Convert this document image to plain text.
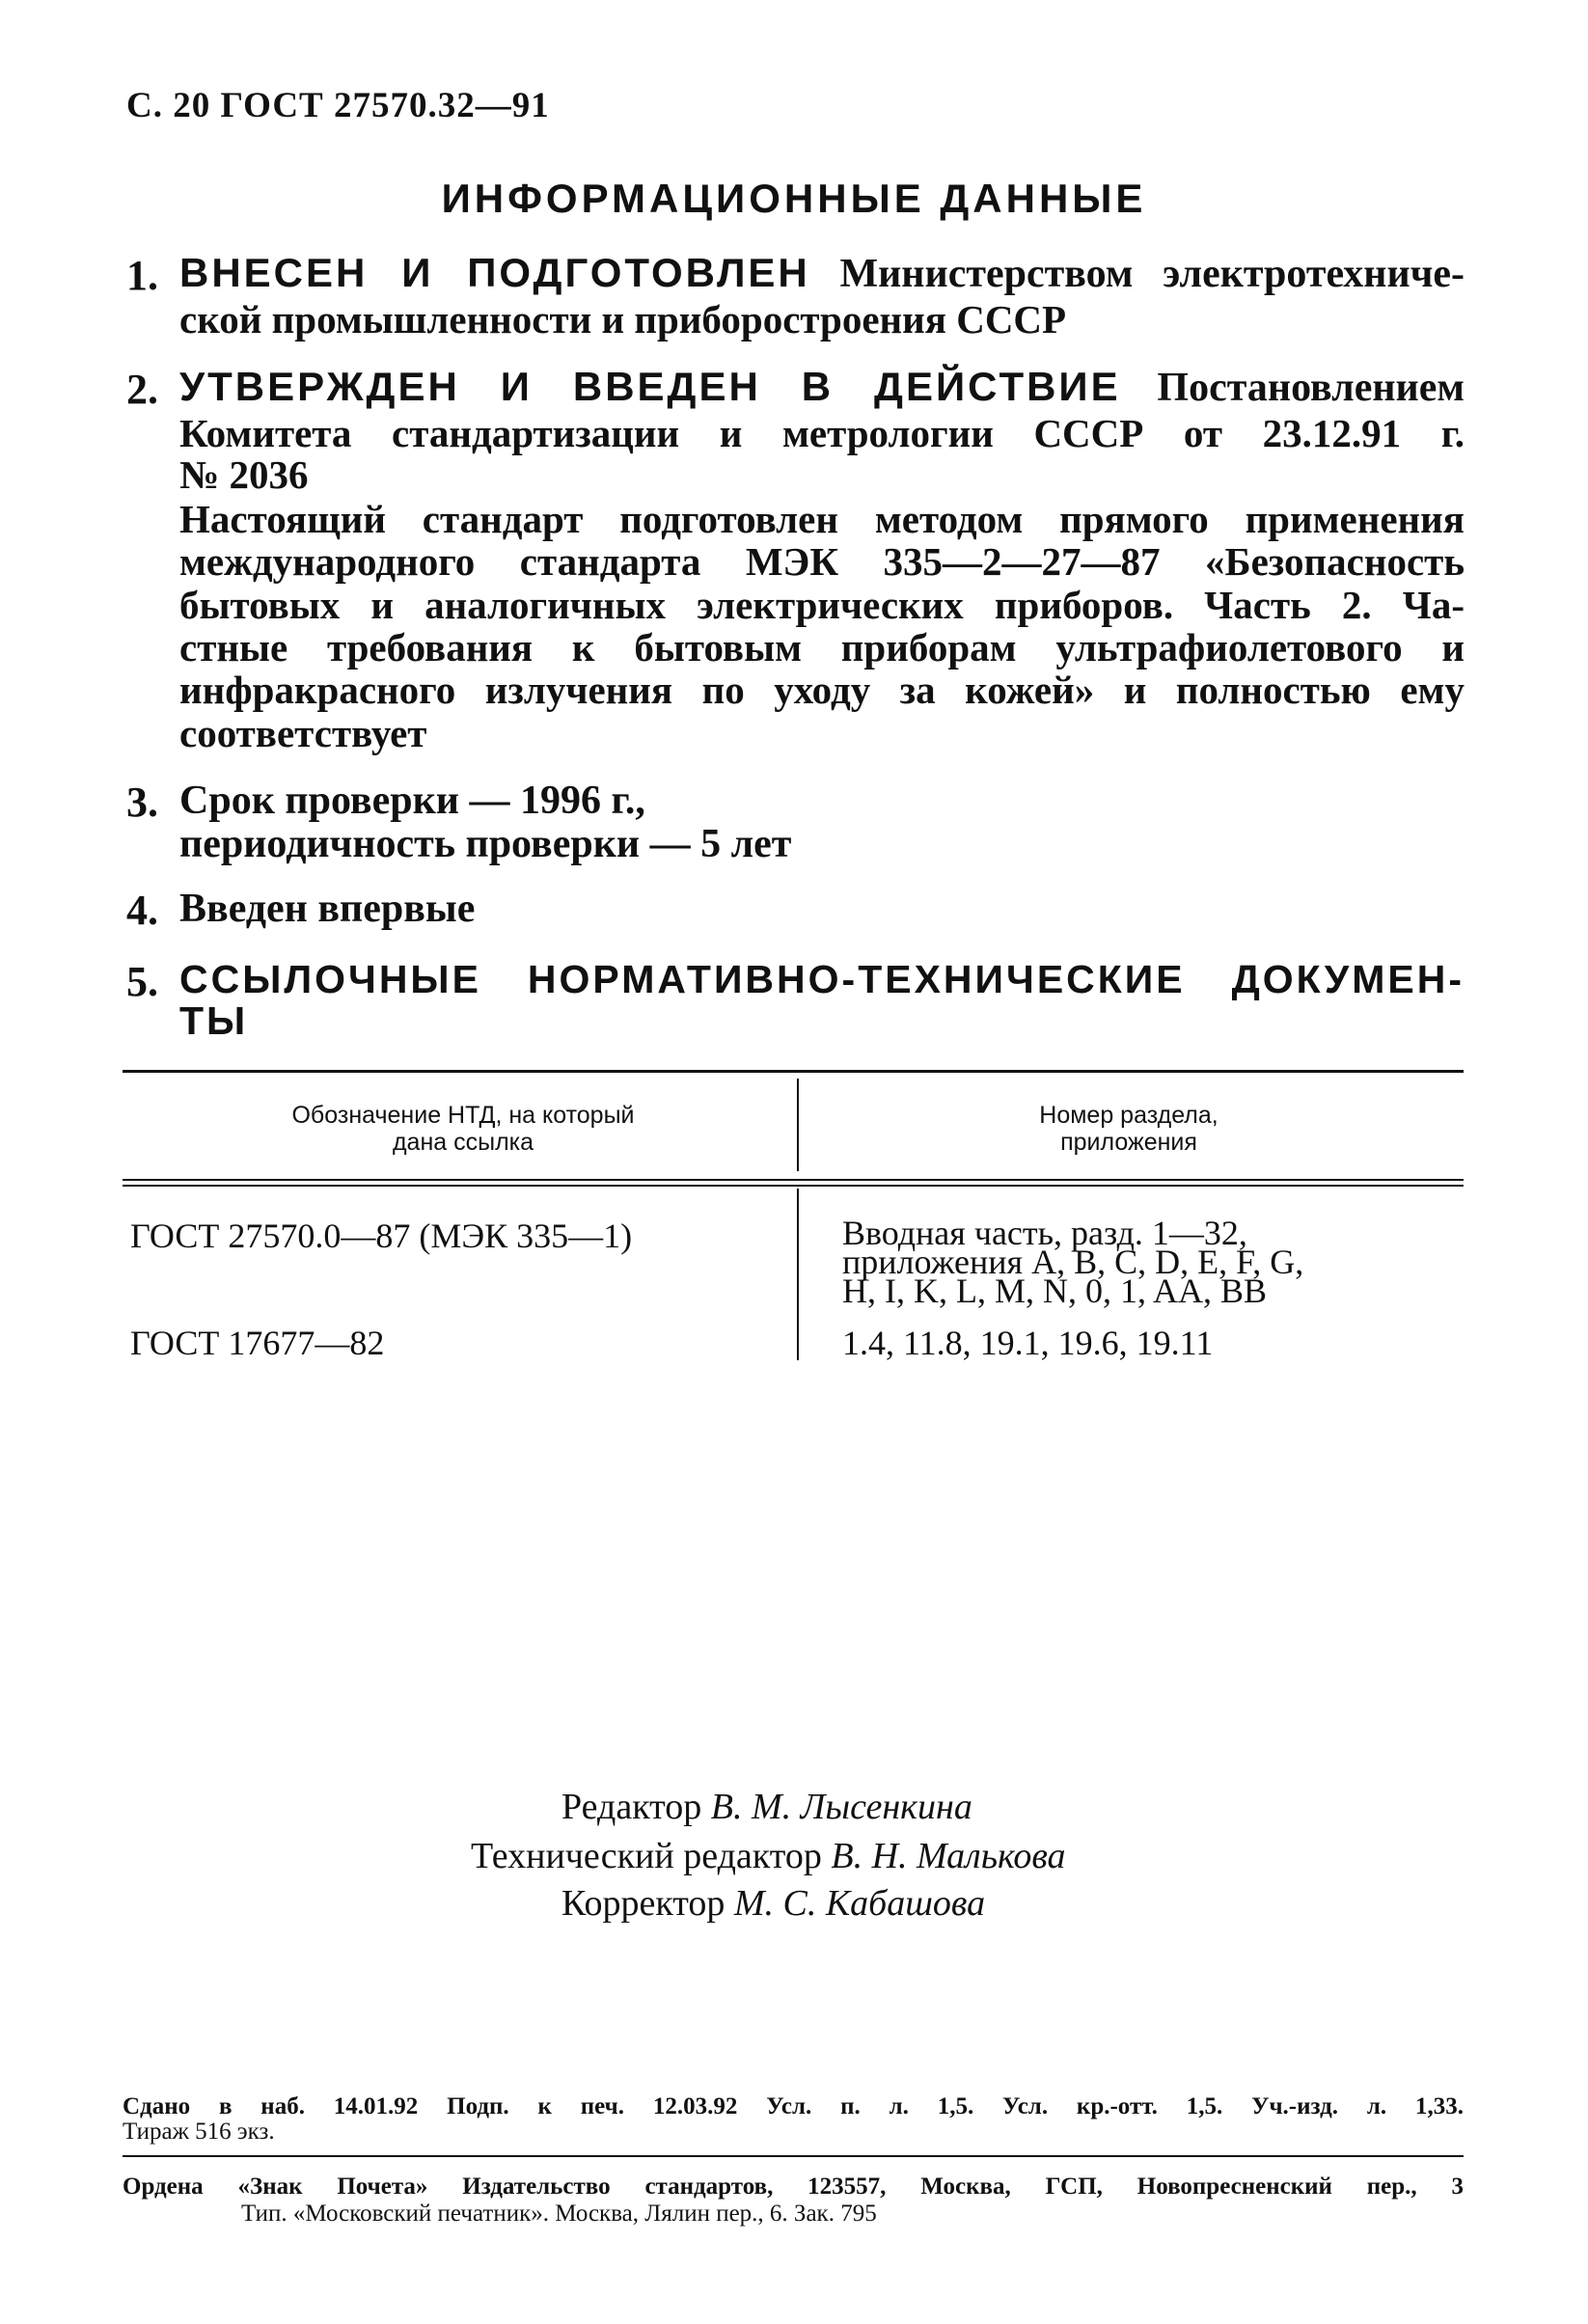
С. 20 ГОСТ 27570.32—91
ИНФОРМАЦИОННЫЕ ДАННЫЕ
1. ВНЕСЕН И ПОДГОТОВЛЕН Министерством электротехниче-
ской промышленности и приборостроения СССР
2. УТВЕРЖДЕН И ВВЕДЕН В ДЕЙСТВИЕ Постановлением
Комитета стандартизации и метрологии СССР от 23.12.91 г.
№ 2036
Настоящий стандарт подготовлен методом прямого применения
международного стандарта МЭК 335—2—27—87 «Безопасность
бытовых и аналогичных электрических приборов. Часть 2. Ча-
стные требования к бытовым приборам ультрафиолетового и
инфракрасного излучения по уходу за кожей» и полностью ему
соответствует
3. Срок проверки — 1996 г.,
периодичность проверки — 5 лет
4. Введен впервые
5. ССЫЛОЧНЫЕ НОРМАТИВНО-ТЕХНИЧЕСКИЕ ДОКУМЕН-
ТЫ
Обозначение НТД, на который
дана ссылка
Номер раздела,
приложения
ГОСТ 27570.0—87 (МЭК 335—1)	Вводная часть, разд. 1—32,
приложения A, B, C, D, E, F, G,
H, I, K, L, M, N, 0, 1, AA, BB
ГОСТ 17677—82	1.4, 11.8, 19.1, 19.6, 19.11
Редактор В. М. Лысенкина
Технический редактор В. Н. Малькова
Корректор М. С. Кабашова
Сдано в наб. 14.01.92 Подп. к печ. 12.03.92 Усл. п. л. 1,5. Усл. кр.-отт. 1,5. Уч.-изд. л. 1,33.
Тираж 516 экз.
Ордена «Знак Почета» Издательство стандартов, 123557, Москва, ГСП, Новопресненский пер., 3
Тип. «Московский печатник». Москва, Лялин пер., 6. Зак. 795
